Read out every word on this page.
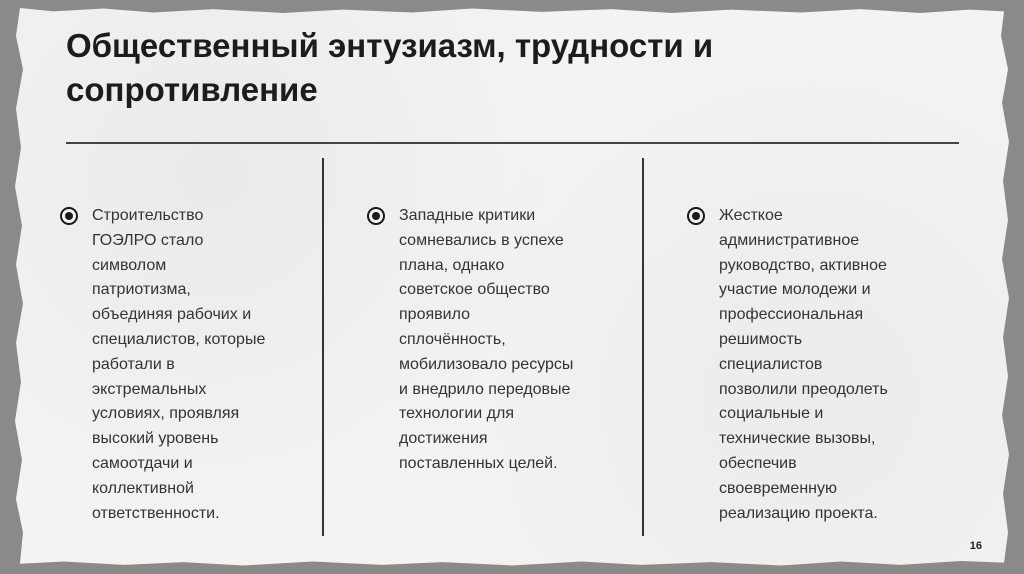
Общественный энтузиазм, трудности и
сопротивление

Строительство
ГОЭЛРО стало
символом
патриотизма,
объединяя рабочих и
специалистов, которые
работали в
экстремальных
условиях, проявляя
высокий уровень
самоотдачи и
коллективной
ответственности.

Западные критики
сомневались в успехе
плана, однако
советское общество
проявило
сплочённость,
мобилизовало ресурсы
и внедрило передовые
технологии для
достижения
поставленных целей.

Жесткое
административное
руководство, активное
участие молодежи и
профессиональная
решимость
специалистов
позволили преодолеть
социальные и
технические вызовы,
обеспечив
своевременную
реализацию проекта.

16
